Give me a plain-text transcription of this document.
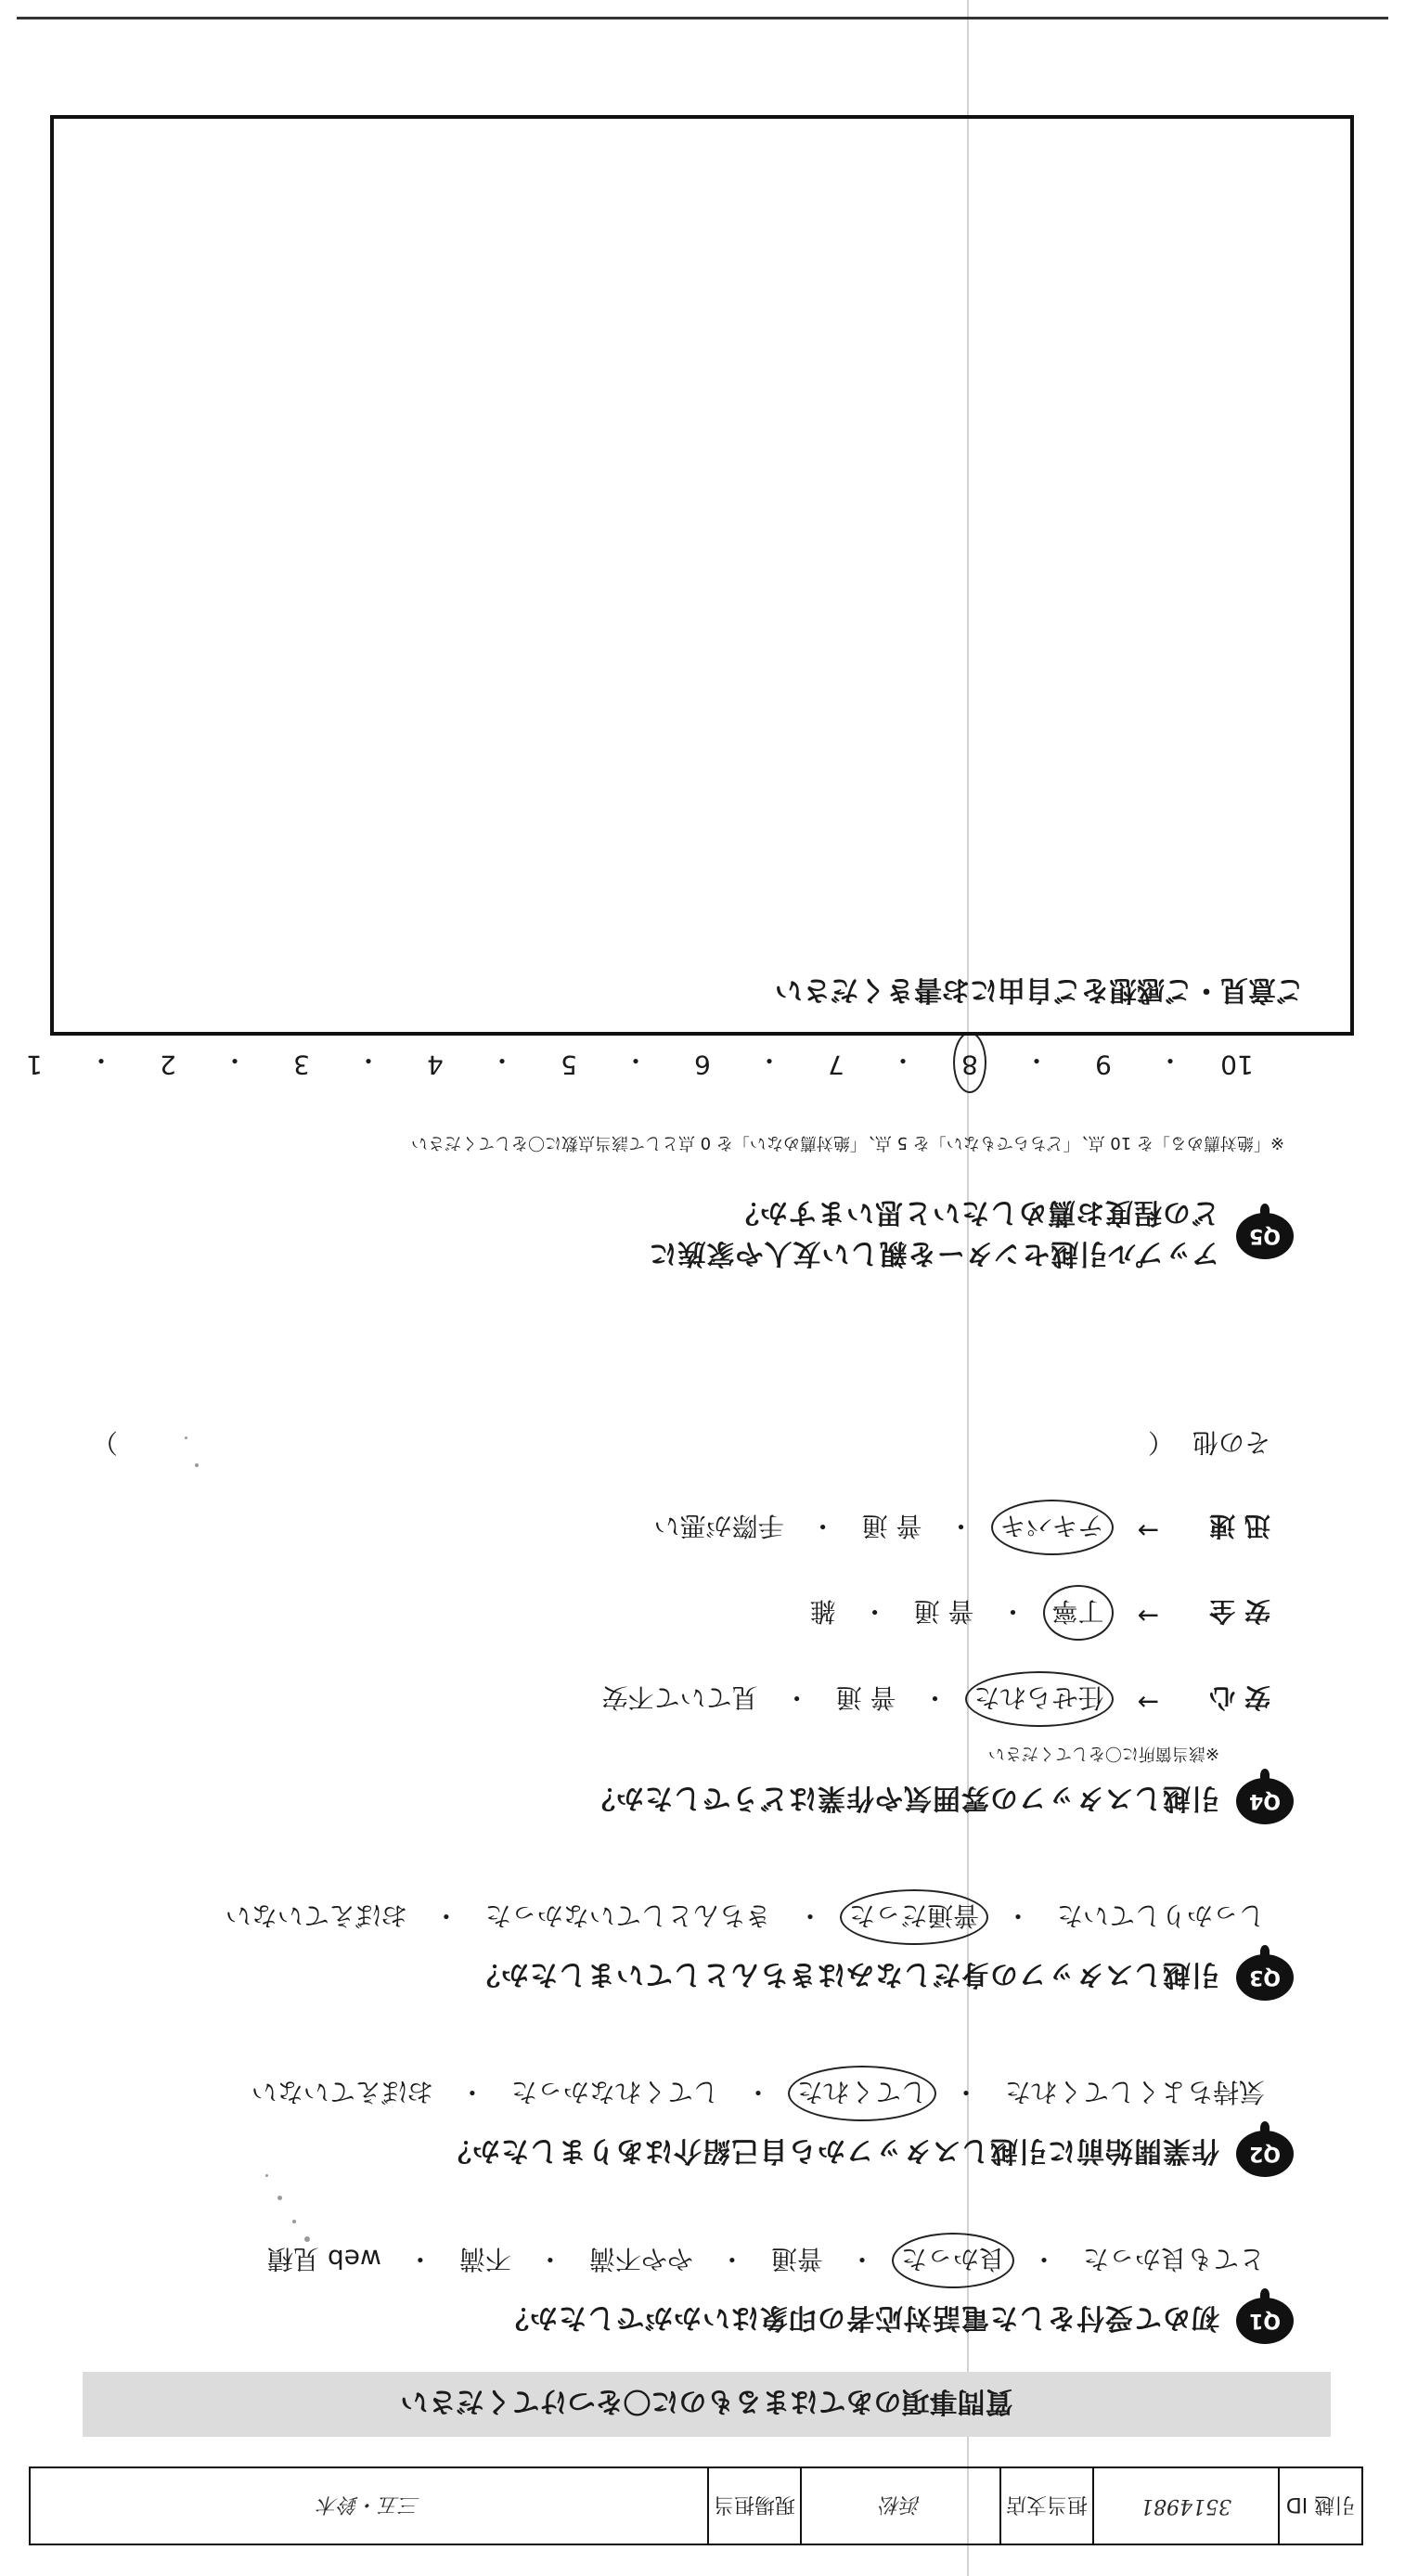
引越 ID
3514981
担当支店
浜松
現場担当
三五・鈴木
質問事項のあてはまるものに〇をつけてください
Q1
初めて受付をした電話対応者の印象はいかがでしたか？
とても良かった
・
良かった
・
普通
・
やや不満
・
不満
・
web 見積
Q2
作業開始前に引越しスタッフから自己紹介はありましたか？
気持ちよくしてくれた
・
してくれた
・
してくれなかった
・
おぼえていない
Q3
引越しスタッフの身だしなみはきちんとしていましたか？
しっかりしていた
・
普通だった
・
きちんとしていなかった
・
おぼえていない
Q4
引越しスタッフの雰囲気や作業はどうでしたか？
※該当箇所に〇をしてください
安 心
→
任せられた
・
普 通
・
見ていて不安
安 全
→
丁寧
・
普 通
・
雑
迅 速
→
テキパキ
・
普 通
・
手際が悪い
その他
（
）
Q5
アップル引越センターを親しい友人や家族に
どの程度お薦めしたいと思いますか？
※「絶対薦める」を 10 点、「どちらでもない」を 5 点、「絶対薦めない」を 0 点として該当点数に〇をしてください
10
・
9
・
8
・
7
・
6
・
5
・
4
・
3
・
2
・
1
ご意見・ご感想をご自由にお書きください
